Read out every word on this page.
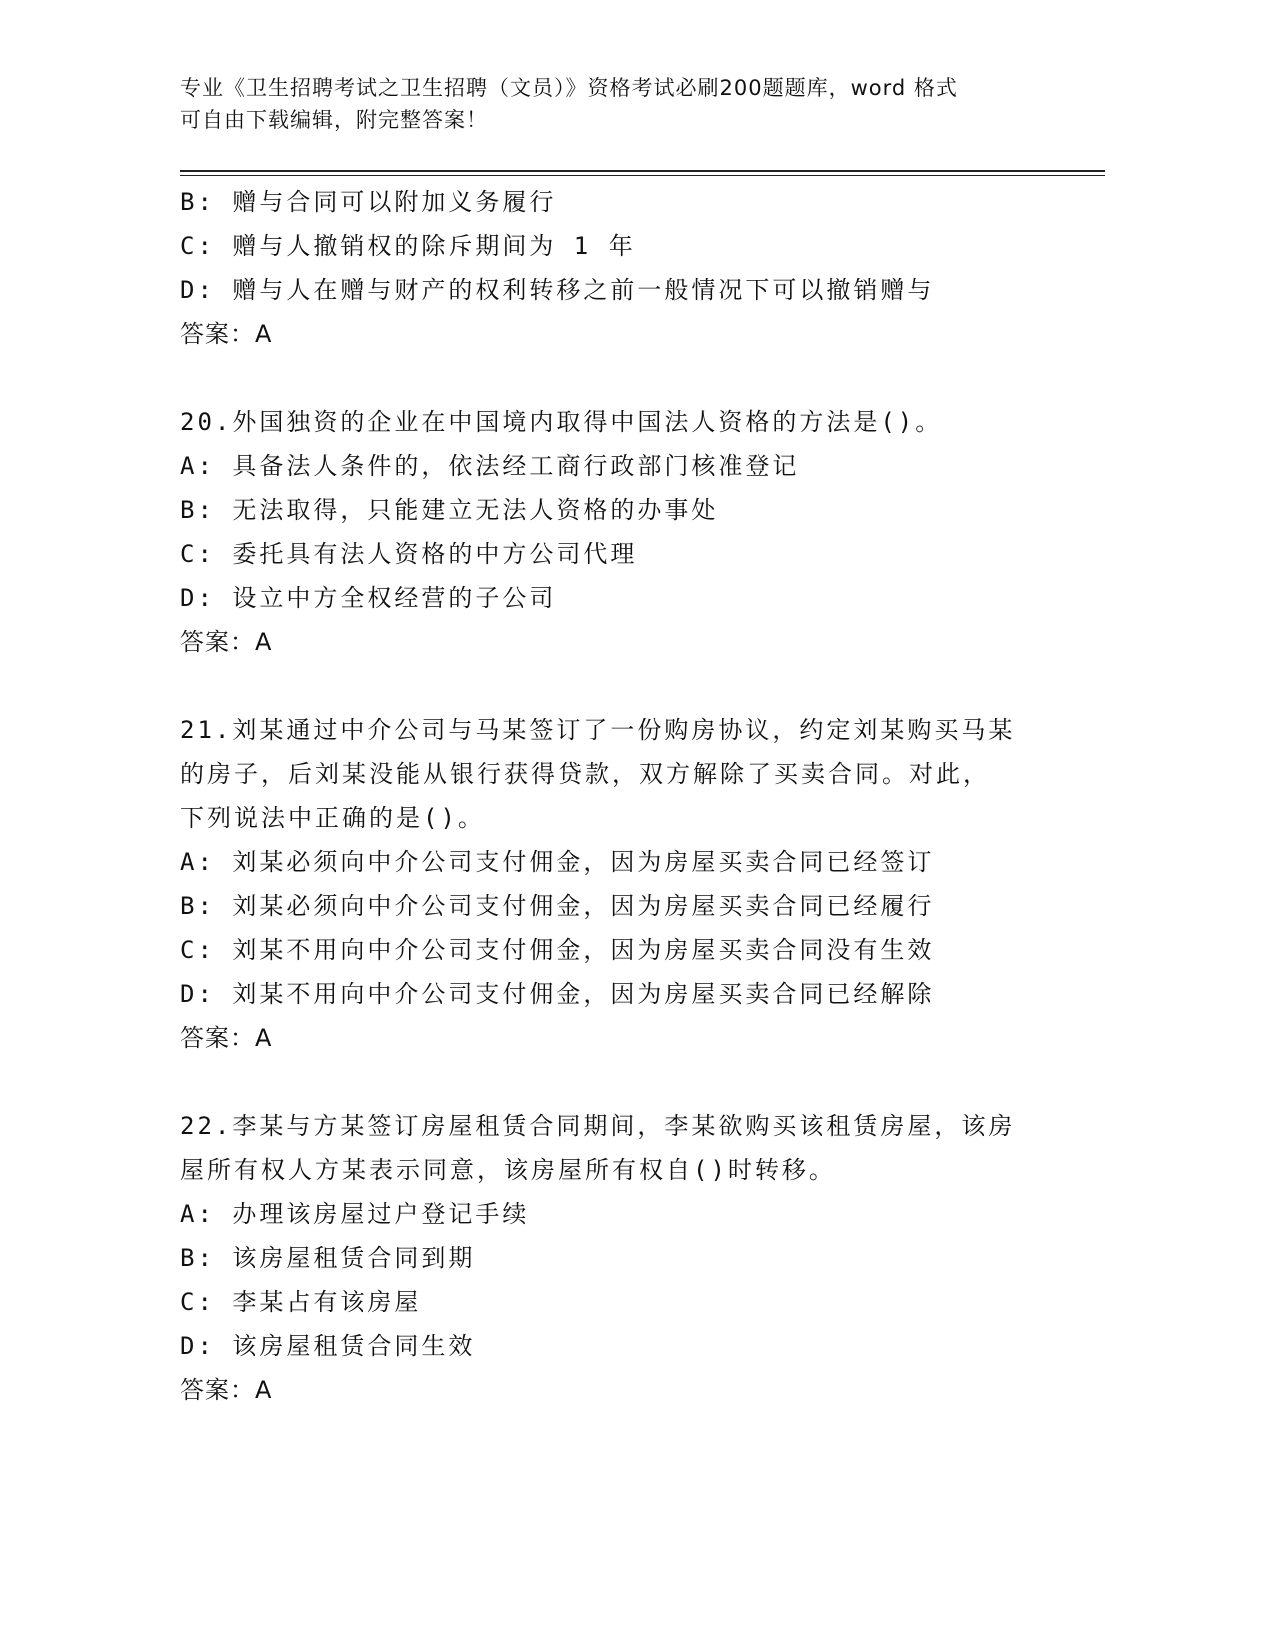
专业《卫生招聘考试之卫生招聘（文员）》资格考试必刷200题题库，word 格式
可自由下载编辑，附完整答案！
B: 赠与合同可以附加义务履行
C: 赠与人撤销权的除斥期间为 1 年
D: 赠与人在赠与财产的权利转移之前一般情况下可以撤销赠与
答案：A
20.外国独资的企业在中国境内取得中国法人资格的方法是()。
A: 具备法人条件的，依法经工商行政部门核准登记
B: 无法取得，只能建立无法人资格的办事处
C: 委托具有法人资格的中方公司代理
D: 设立中方全权经营的子公司
答案：A
21.刘某通过中介公司与马某签订了一份购房协议，约定刘某购买马某
的房子，后刘某没能从银行获得贷款，双方解除了买卖合同。对此，
下列说法中正确的是()。
A: 刘某必须向中介公司支付佣金，因为房屋买卖合同已经签订
B: 刘某必须向中介公司支付佣金，因为房屋买卖合同已经履行
C: 刘某不用向中介公司支付佣金，因为房屋买卖合同没有生效
D: 刘某不用向中介公司支付佣金，因为房屋买卖合同已经解除
答案：A
22.李某与方某签订房屋租赁合同期间，李某欲购买该租赁房屋，该房
屋所有权人方某表示同意，该房屋所有权自()时转移。
A: 办理该房屋过户登记手续
B: 该房屋租赁合同到期
C: 李某占有该房屋
D: 该房屋租赁合同生效
答案：A
